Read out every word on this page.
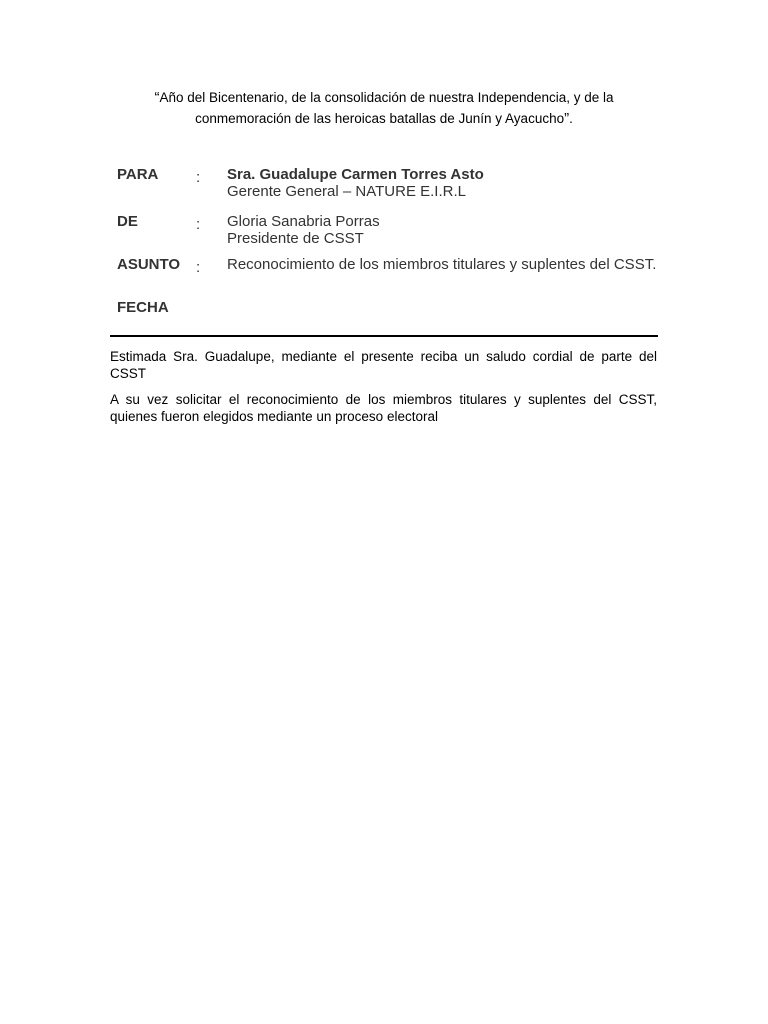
“Año del Bicentenario, de la consolidación de nuestra Independencia, y de la conmemoración de las heroicas batallas de Junín y Ayacucho”.
PARA	: Sra. Guadalupe Carmen Torres Asto
Gerente General – NATURE E.I.R.L
DE	: Gloria Sanabria Porras
Presidente de CSST
ASUNTO : Reconocimiento de los miembros titulares y suplentes del CSST.
FECHA
Estimada Sra. Guadalupe, mediante el presente reciba un saludo cordial de parte del CSST
A su vez solicitar el reconocimiento de los miembros titulares y suplentes del CSST, quienes fueron elegidos mediante un proceso electoral
